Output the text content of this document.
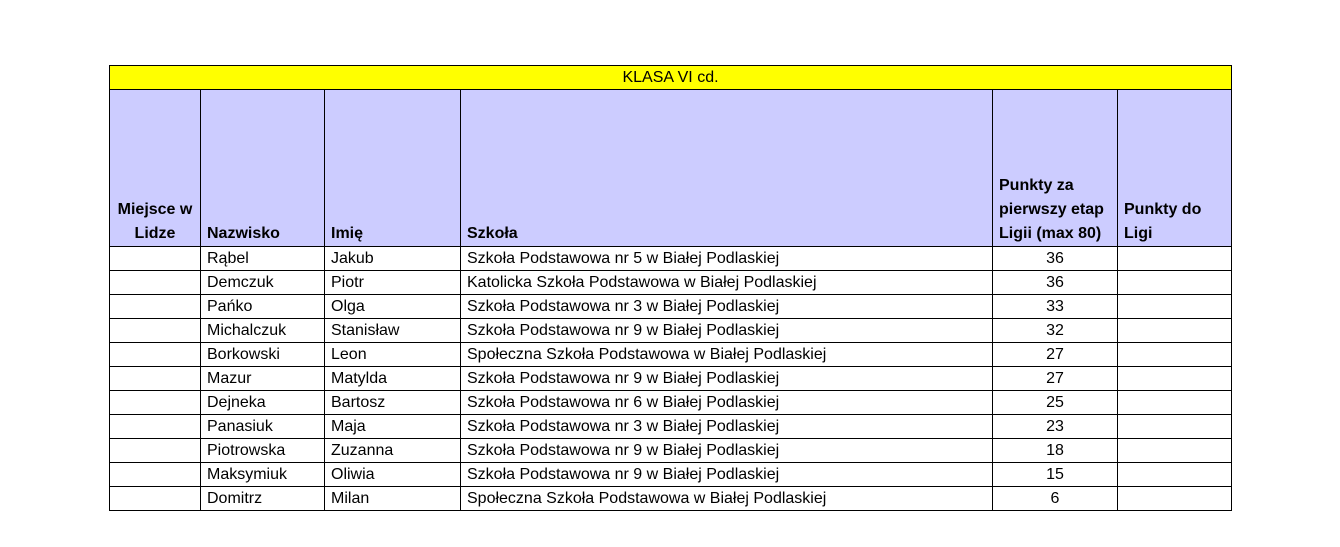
KLASA VI cd.					
Miejsce w Lidze	Nazwisko	Imię	Szkoła	Punkty za pierwszy etap Ligii (max 80)	Punkty do Ligi
	Rąbel	Jakub	Szkoła Podstawowa nr 5 w Białej Podlaskiej	36	
	Demczuk	Piotr	Katolicka Szkoła Podstawowa w Białej Podlaskiej	36	
	Pańko	Olga	Szkoła Podstawowa nr 3 w Białej Podlaskiej	33	
	Michalczuk	Stanisław	Szkoła Podstawowa nr 9 w Białej Podlaskiej	32	
	Borkowski	Leon	Społeczna Szkoła Podstawowa w Białej Podlaskiej	27	
	Mazur	Matylda	Szkoła Podstawowa nr 9 w Białej Podlaskiej	27	
	Dejneka	Bartosz	Szkoła Podstawowa nr 6 w Białej Podlaskiej	25	
	Panasiuk	Maja	Szkoła Podstawowa nr 3 w Białej Podlaskiej	23	
	Piotrowska	Zuzanna	Szkoła Podstawowa nr 9 w Białej Podlaskiej	18	
	Maksymiuk	Oliwia	Szkoła Podstawowa nr 9 w Białej Podlaskiej	15	
	Domitrz	Milan	Społeczna Szkoła Podstawowa w Białej Podlaskiej	6	
